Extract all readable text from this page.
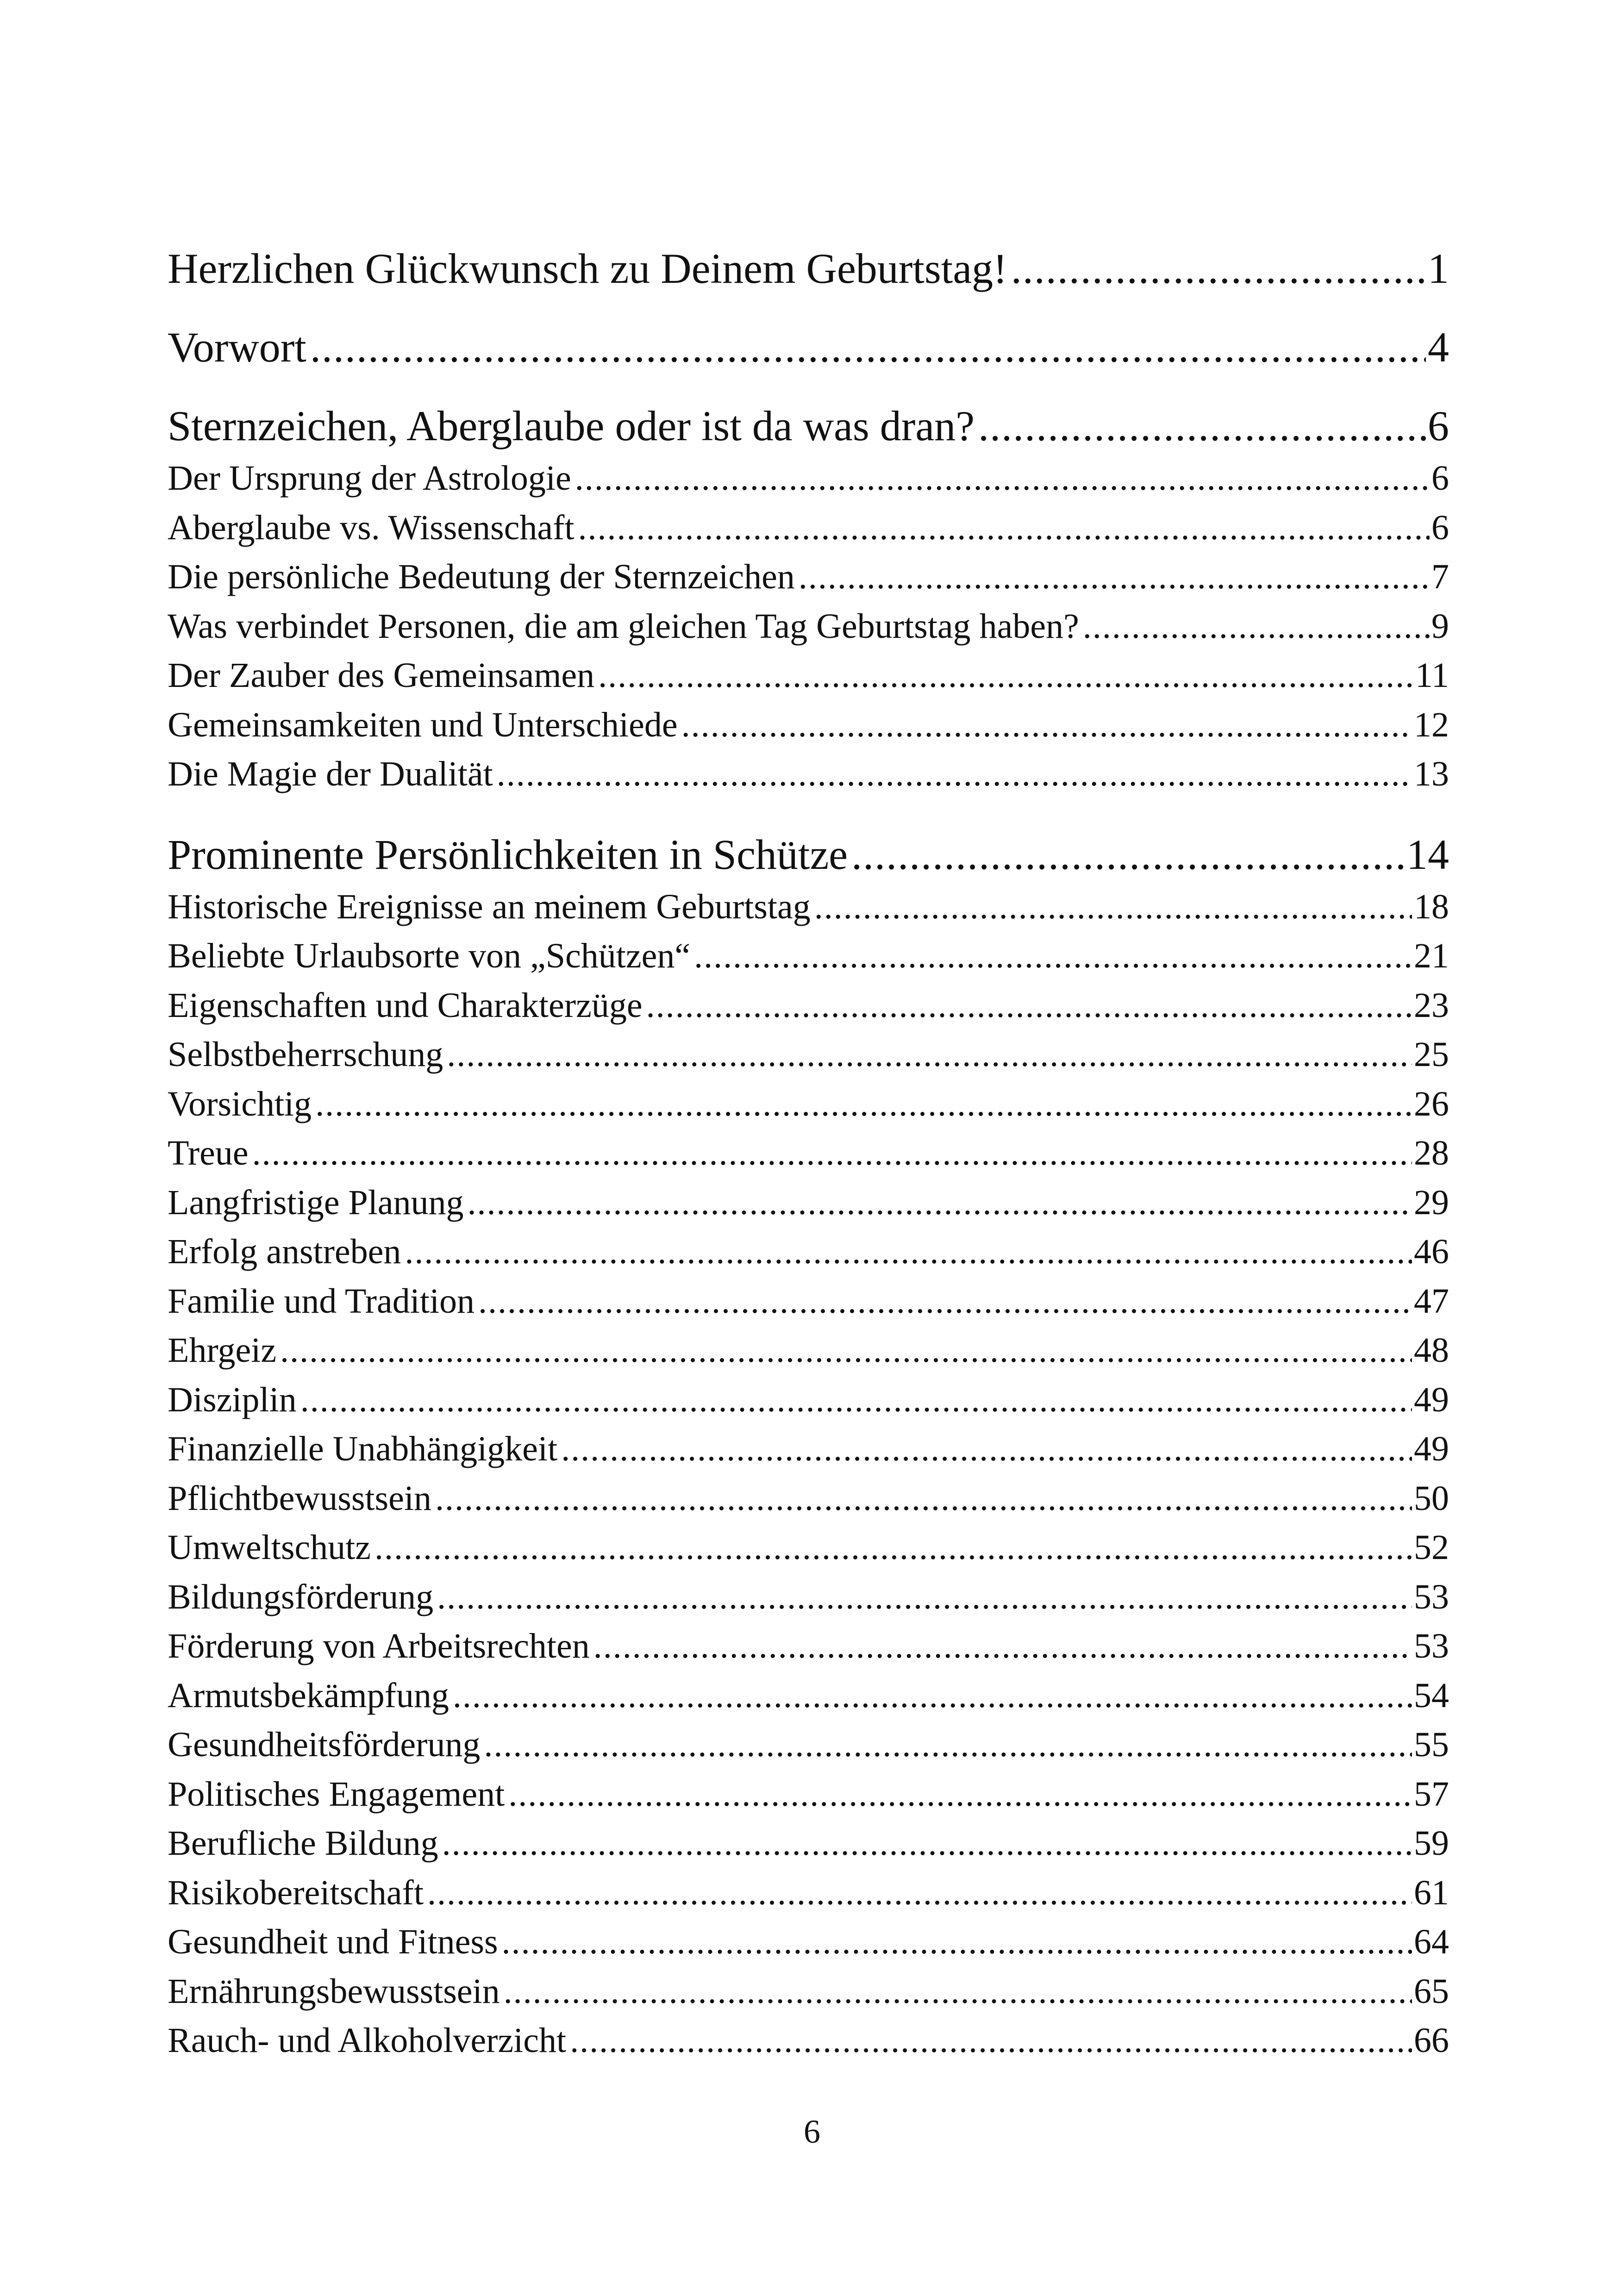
Herzlichen Glückwunsch zu Deinem Geburtstag! .....	1
Vorwort .....	4
Sternzeichen, Aberglaube oder ist da was dran? .....	6
Der Ursprung der Astrologie .....	6
Aberglaube vs. Wissenschaft .....	6
Die persönliche Bedeutung der Sternzeichen .....	7
Was verbindet Personen, die am gleichen Tag Geburtstag haben? .....	9
Der Zauber des Gemeinsamen .....	11
Gemeinsamkeiten und Unterschiede .....	12
Die Magie der Dualität .....	13
Prominente Persönlichkeiten in Schütze .....	14
Historische Ereignisse an meinem Geburtstag .....	18
Beliebte Urlaubsorte von „Schützen“ .....	21
Eigenschaften und Charakterzüge .....	23
Selbstbeherrschung .....	25
Vorsichtig .....	26
Treue .....	28
Langfristige Planung .....	29
Erfolg anstreben .....	46
Familie und Tradition .....	47
Ehrgeiz .....	48
Disziplin .....	49
Finanzielle Unabhängigkeit .....	49
Pflichtbewusstsein .....	50
Umweltschutz .....	52
Bildungsförderung .....	53
Förderung von Arbeitsrechten .....	53
Armutsbekämpfung .....	54
Gesundheitsförderung .....	55
Politisches Engagement .....	57
Berufliche Bildung .....	59
Risikobereitschaft .....	61
Gesundheit und Fitness .....	64
Ernährungsbewusstsein .....	65
Rauch- und Alkoholverzicht .....	66
6
